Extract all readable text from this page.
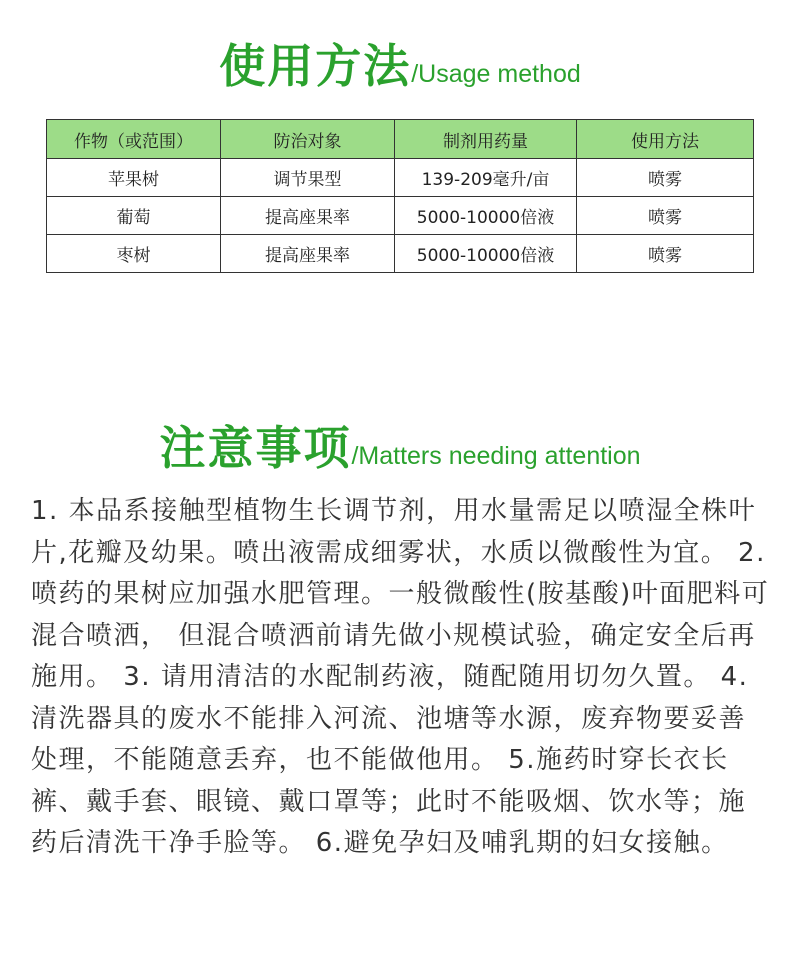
使用方法/Usage method
作物（或范围）	防治对象	制剂用药量	使用方法
苹果树	调节果型	139-209毫升/亩	喷雾
葡萄	提高座果率	5000-10000倍液	喷雾
枣树	提高座果率	5000-10000倍液	喷雾
注意事项/Matters needing attention

1. 本品系接触型植物生长调节剂，用水量需足以喷湿全株叶片,花瓣及幼果。喷出液需成细雾状，水质以微酸性为宜。 2. 喷药的果树应加强水肥管理。一般微酸性(胺基酸)叶面肥料可混合喷洒， 但混合喷洒前请先做小规模试验，确定安全后再施用。 3. 请用清洁的水配制药液，随配随用切勿久置。 4.清洗器具的废水不能排入河流、池塘等水源，废弃物要妥善处理，不能随意丢弃，也不能做他用。 5.施药时穿长衣长裤、戴手套、眼镜、戴口罩等；此时不能吸烟、饮水等；施药后清洗干净手脸等。 6.避免孕妇及哺乳期的妇女接触。
